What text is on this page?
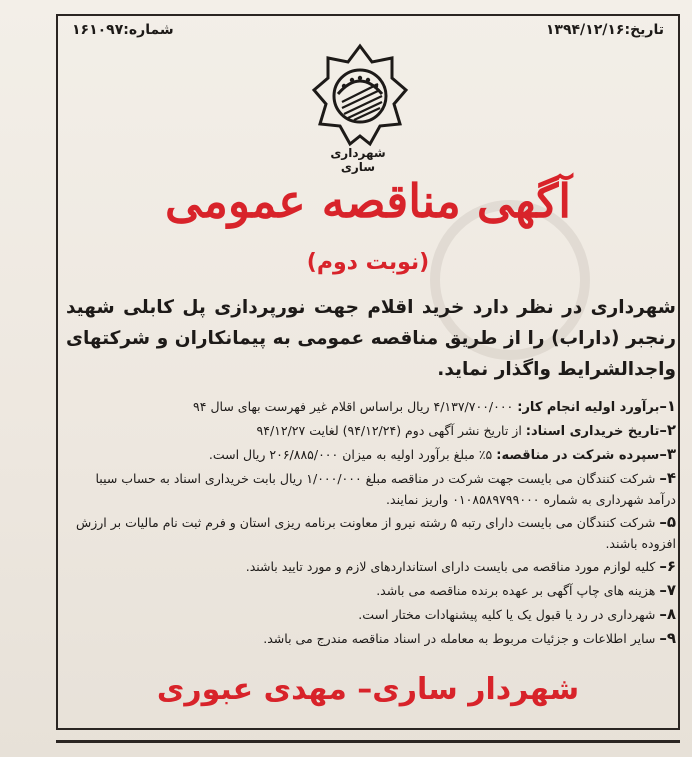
تاریخ:۱۳۹۴/۱۲/۱۶
شماره:۱۶۱۰۹۷
شهرداری ساری
آگهی مناقصه عمومی
(نوبت دوم)
شهرداری در نظر دارد خرید اقلام جهت نورپردازی پل کابلی شهید رنجبر (داراب) را از طریق مناقصه عمومی به پیمانکاران و شرکتهای واجدالشرایط واگذار نماید.
۱–برآورد اولیه انجام کار: ۴/۱۳۷/۷۰۰/۰۰۰ ریال براساس اقلام غیر فهرست بهای سال ۹۴
۲–تاریخ خریداری اسناد: از تاریخ نشر آگهی دوم (۹۴/۱۲/۲۴) لغایت ۹۴/۱۲/۲۷
۳–سپرده شرکت در مناقصه: ۵٪ مبلغ برآورد اولیه به میزان ۲۰۶/۸۸۵/۰۰۰ ریال است.
۴– شرکت کنندگان می بایست جهت شرکت در مناقصه مبلغ ۱/۰۰۰/۰۰۰ ریال بابت خریداری اسناد به حساب سیبا درآمد شهرداری به شماره ۰۱۰۸۵۸۹۷۹۹۰۰۰ واریز نمایند.
۵– شرکت کنندگان می بایست دارای رتبه ۵ رشته نیرو از معاونت برنامه ریزی استان و فرم ثبت نام مالیات بر ارزش افزوده باشند.
۶– کلیه لوازم مورد مناقصه می بایست دارای استانداردهای لازم و مورد تایید باشند.
۷– هزینه های چاپ آگهی بر عهده برنده مناقصه می باشد.
۸– شهرداری در رد یا قبول یک یا کلیه پیشنهادات مختار است.
۹– سایر اطلاعات و جزئیات مربوط به معامله در اسناد مناقصه مندرج می باشد.
شهردار ساری– مهدی عبوری
